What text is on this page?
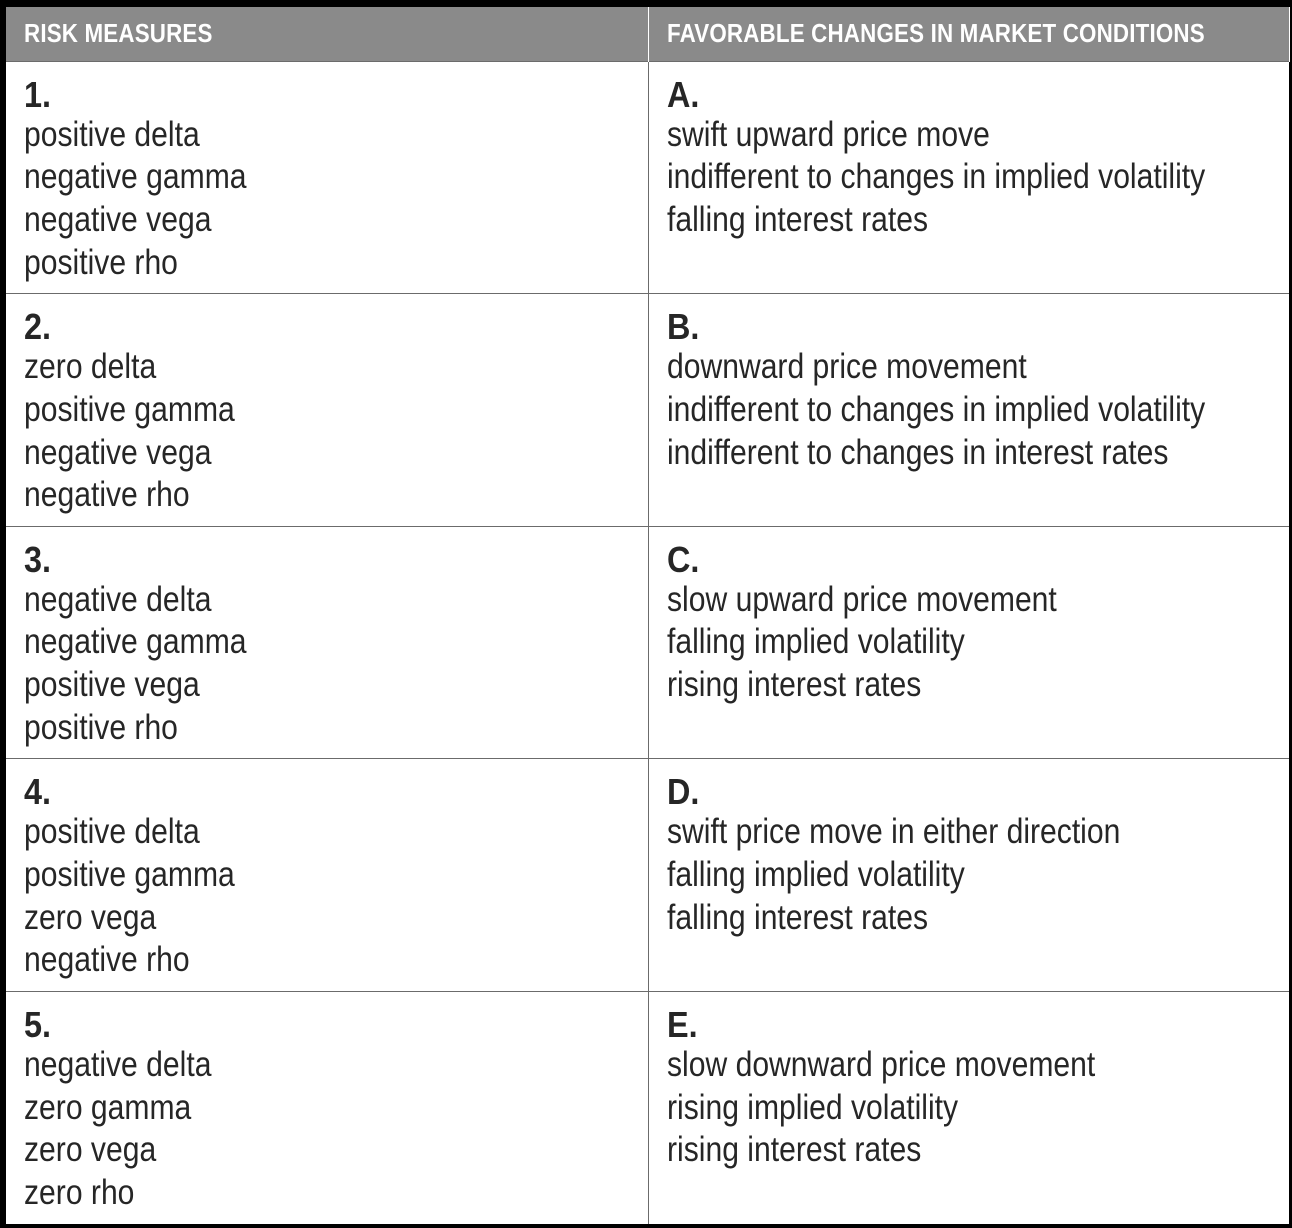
RISK MEASURES	FAVORABLE CHANGES IN MARKET CONDITIONS

1.
positive delta
negative gamma
negative vega
positive rho	A.
swift upward price move
indifferent to changes in implied volatility
falling interest rates

2.
zero delta
positive gamma
negative vega
negative rho	B.
downward price movement
indifferent to changes in implied volatility
indifferent to changes in interest rates

3.
negative delta
negative gamma
positive vega
positive rho	C.
slow upward price movement
falling implied volatility
rising interest rates

4.
positive delta
positive gamma
zero vega
negative rho	D.
swift price move in either direction
falling implied volatility
falling interest rates

5.
negative delta
zero gamma
zero vega
zero rho	E.
slow downward price movement
rising implied volatility
rising interest rates
